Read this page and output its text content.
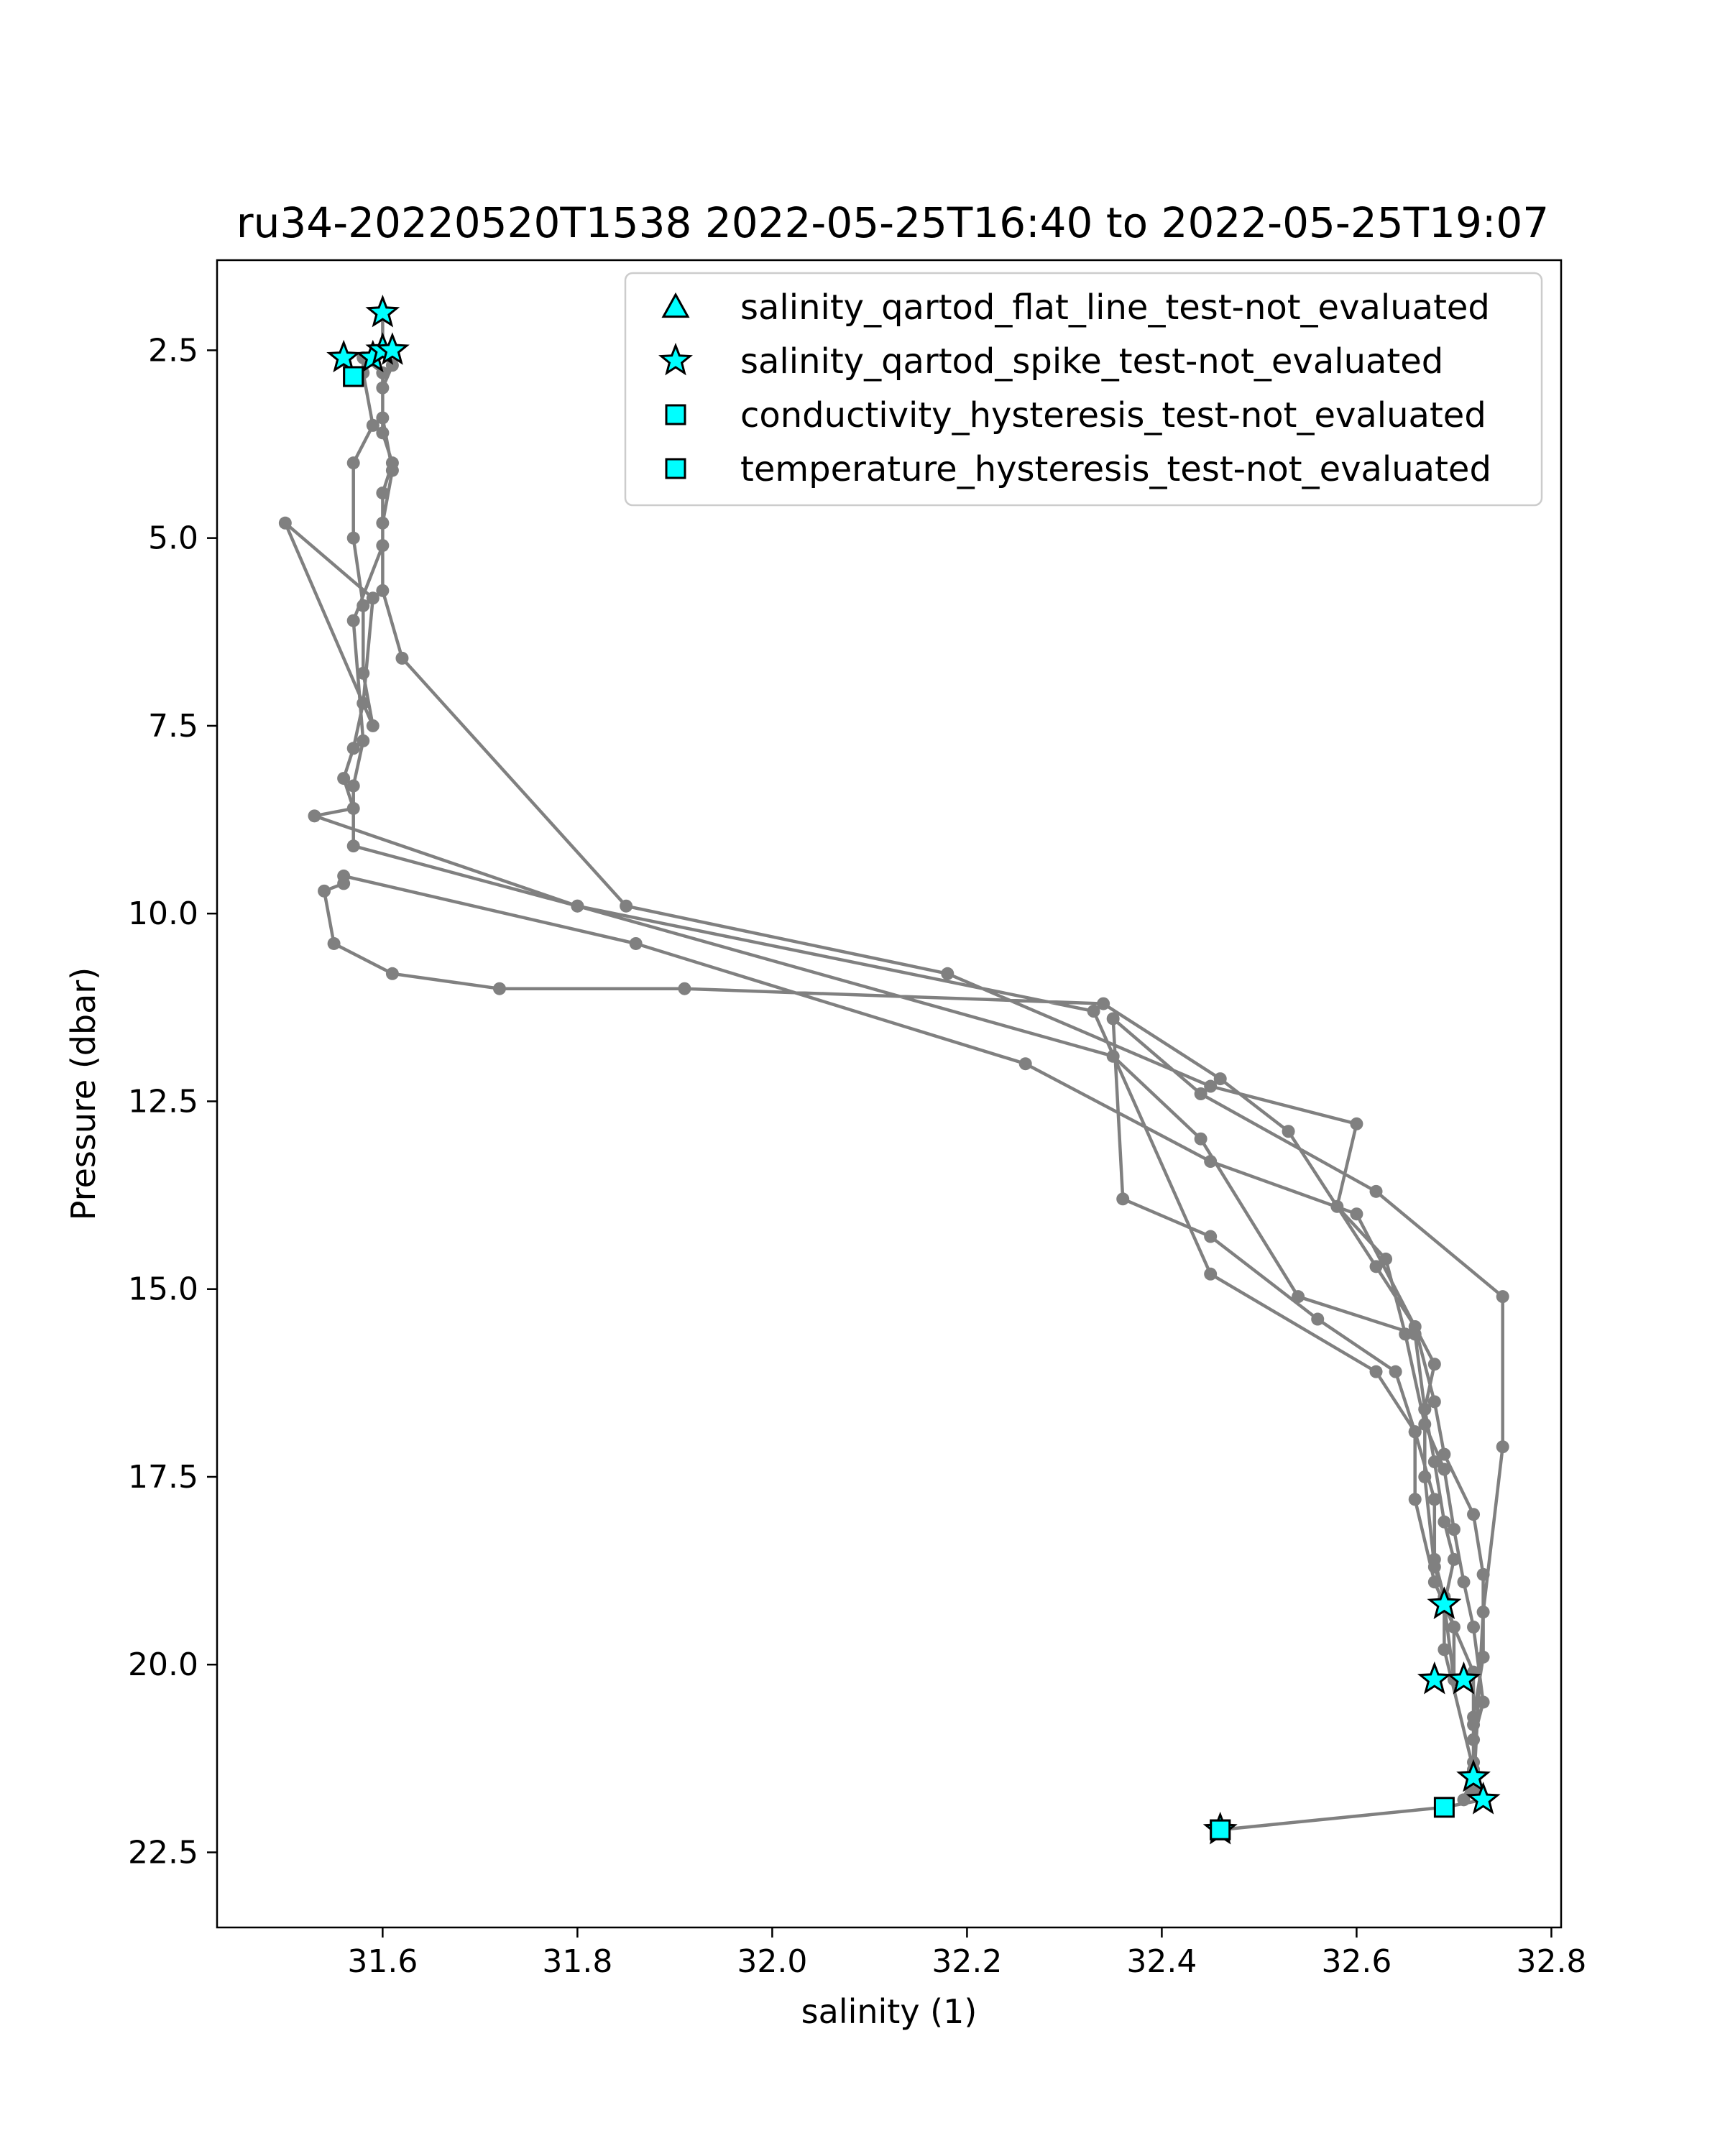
ru34-20220520T1538 2022-05-25T16:40 to 2022-05-25T19:07
31.6	31.8	32.0	32.2	32.4	32.6	32.8
2.5
5.0
7.5
10.0
12.5
15.0
17.5
20.0
22.5
salinity (1)
Pressure (dbar)
salinity_qartod_flat_line_test-not_evaluated
salinity_qartod_spike_test-not_evaluated
conductivity_hysteresis_test-not_evaluated
temperature_hysteresis_test-not_evaluated
